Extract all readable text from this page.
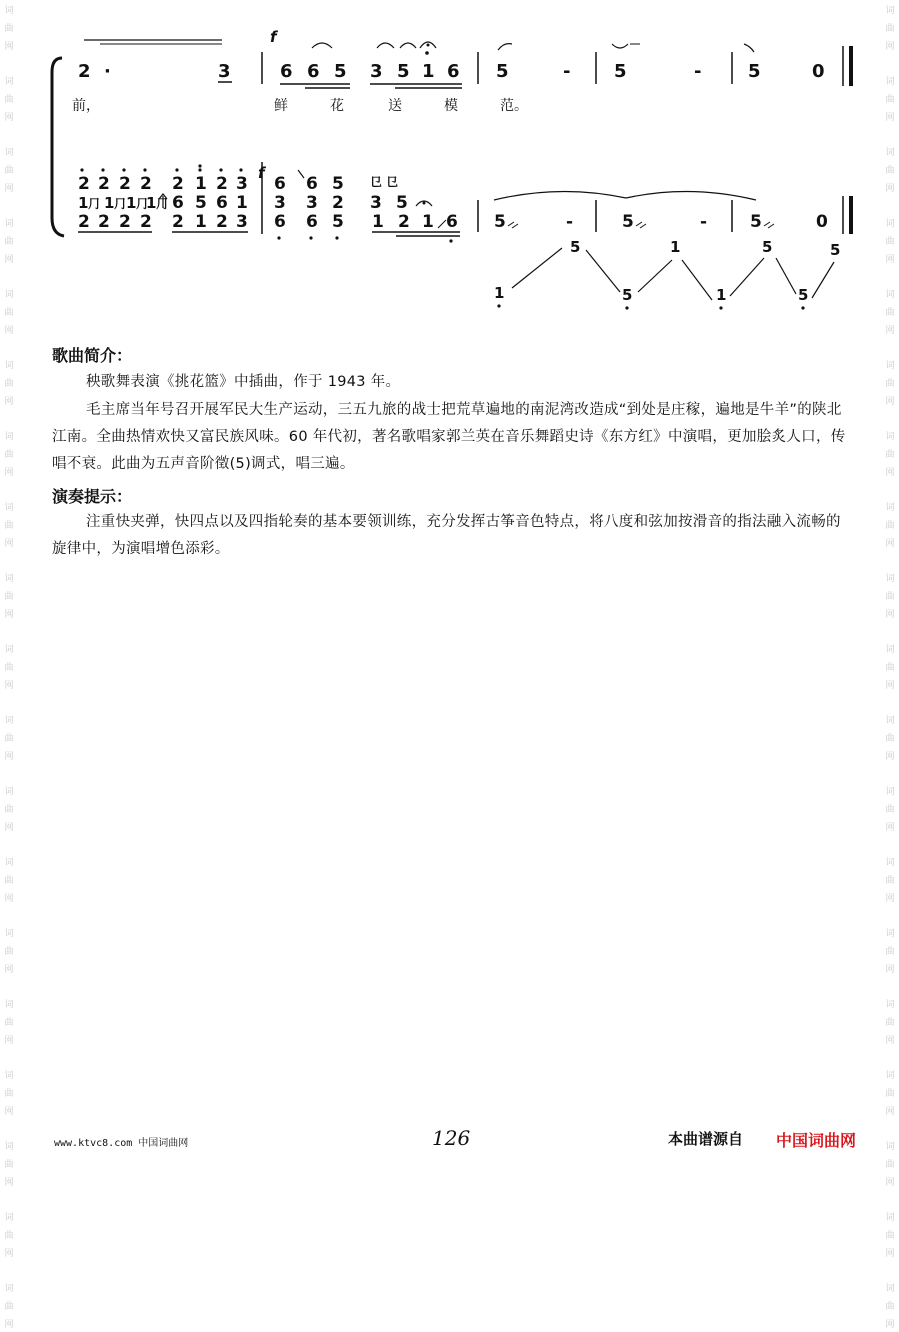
词
曲
网
词
曲
网
词
曲
网
词
曲
网
词
曲
网
词
曲
网
词
曲
网
词
曲
网
词
曲
网
词
曲
网
词
曲
网
词
曲
网
词
曲
网
词
曲
网
词
曲
网
词
曲
网
词
曲
网
词
曲
网
词
曲
网
词
曲
网
词
曲
网
词
曲
网
词
曲
网
词
曲
网
词
曲
网
词
曲
网
词
曲
网
词
曲
网
词
曲
网
词
曲
网
词
曲
网
词
曲
网
词
曲
网
词
曲
网
词
曲
网
词
曲
网
词
曲
网
词
曲
网
f
2 ·	3	6 6 5 3 5 1 6 5	- 5	-	5	0
f
2 2 2 2 2 1 2 3 6 6 5 㔾 㔾
1 ⺆ 1 ⺆ 1 ⺆
1 ⺆ 6 5 6 1 3 3 2 3 5
2 2 2 2 2 1 2 3 6 6 5 1 2 1 6 5	-	5	-	5	0
5	1	5	5
1	5	1	5
前，	鲜	花	送	模	范。
歌曲简介：
秧歌舞表演《挑花篮》中插曲，作于 1943 年。
毛主席当年号召开展军民大生产运动，三五九旅的战士把荒草遍地的南泥湾改造成“到处是庄稼，遍地是牛羊”的陕北江南。全曲热情欢快又富民族风味。60 年代初，著名歌唱家郭兰英在音乐舞蹈史诗《东方红》中演唱，更加脍炙人口，传唱不衰。此曲为五声音阶徵(5)调式，唱三遍。
演奏提示：
注重快夹弹，快四点以及四指轮奏的基本要领训练，充分发挥古筝音色特点，将八度和弦加按滑音的指法融入流畅的旋律中，为演唱增色添彩。
www.ktvc8.com 中国词曲网	126	本曲谱源自 中国词曲网
